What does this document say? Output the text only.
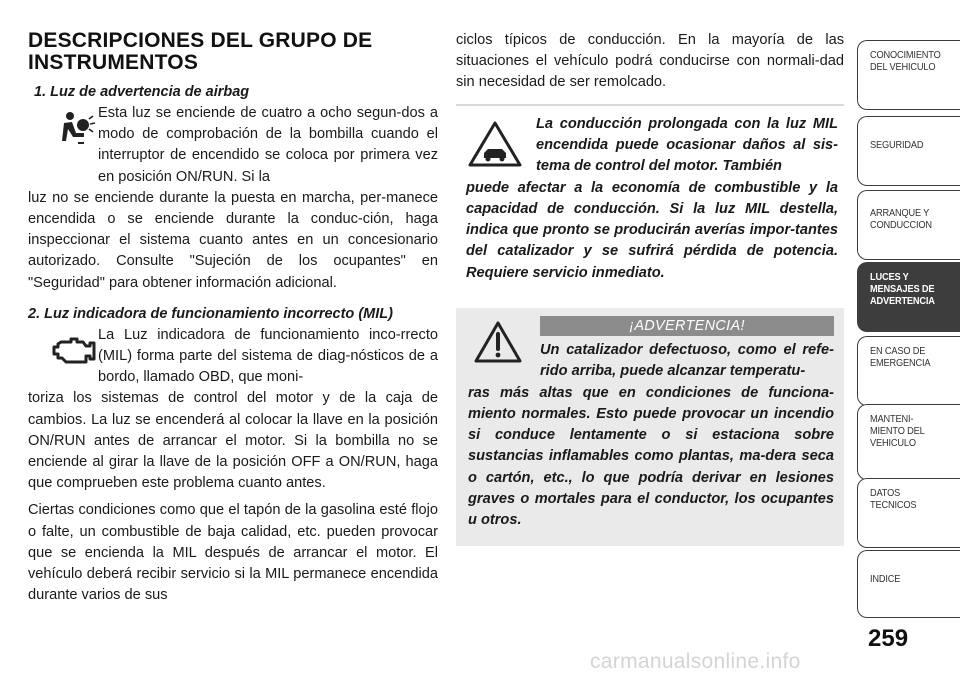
DESCRIPCIONES DEL GRUPO DE
INSTRUMENTOS
1. Luz de advertencia de airbag

Esta luz se enciende de cuatro a ocho segun-dos a modo de comprobación de la bombilla cuando el interruptor de encendido se coloca por primera vez en posición ON/RUN. Si la

luz no se enciende durante la puesta en marcha, per-manece encendida o se enciende durante la conduc-ción, haga inspeccionar el sistema cuanto antes en un concesionario autorizado. Consulte "Sujeción de los ocupantes" en "Seguridad" para obtener información adicional.

2. Luz indicadora de funcionamiento incorrecto (MIL)

La Luz indicadora de funcionamiento inco-rrecto (MIL) forma parte del sistema de diag-nósticos de a bordo, llamado OBD, que moni-

toriza los sistemas de control del motor y de la caja de cambios. La luz se encenderá al colocar la llave en la posición ON/RUN antes de arrancar el motor. Si la bombilla no se enciende al girar la llave de la posición OFF a ON/RUN, haga que comprueben este problema cuanto antes.

Ciertas condiciones como que el tapón de la gasolina esté flojo o falte, un combustible de baja calidad, etc. pueden provocar que se encienda la MIL después de arrancar el motor. El vehículo deberá recibir servicio si la MIL permanece encendida durante varios de sus

ciclos típicos de conducción. En la mayoría de las situaciones el vehículo podrá conducirse con normali-dad sin necesidad de ser remolcado.

La conducción prolongada con la luz MIL encendida puede ocasionar daños al sis-tema de control del motor. También

puede afectar a la economía de combustible y la capacidad de conducción. Si la luz MIL destella, indica que pronto se producirán averías impor-tantes del catalizador y se sufrirá pérdida de potencia. Requiere servicio inmediato.

¡ADVERTENCIA!

Un catalizador defectuoso, como el refe-rido arriba, puede alcanzar temperatu-

ras más altas que en condiciones de funciona-miento normales. Esto puede provocar un incendio si conduce lentamente o si estaciona sobre sustancias inflamables como plantas, ma-dera seca o cartón, etc., lo que podría derivar en lesiones graves o mortales para el conductor, los ocupantes u otros.

CONOCIMIENTO
DEL VEHICULO
SEGURIDAD
ARRANQUE Y
CONDUCCION
LUCES Y
MENSAJES DE
ADVERTENCIA
EN CASO DE
EMERGENCIA
MANTENI-
MIENTO DEL
VEHICULO
DATOS
TECNICOS
INDICE
259
carmanualsonline.info
